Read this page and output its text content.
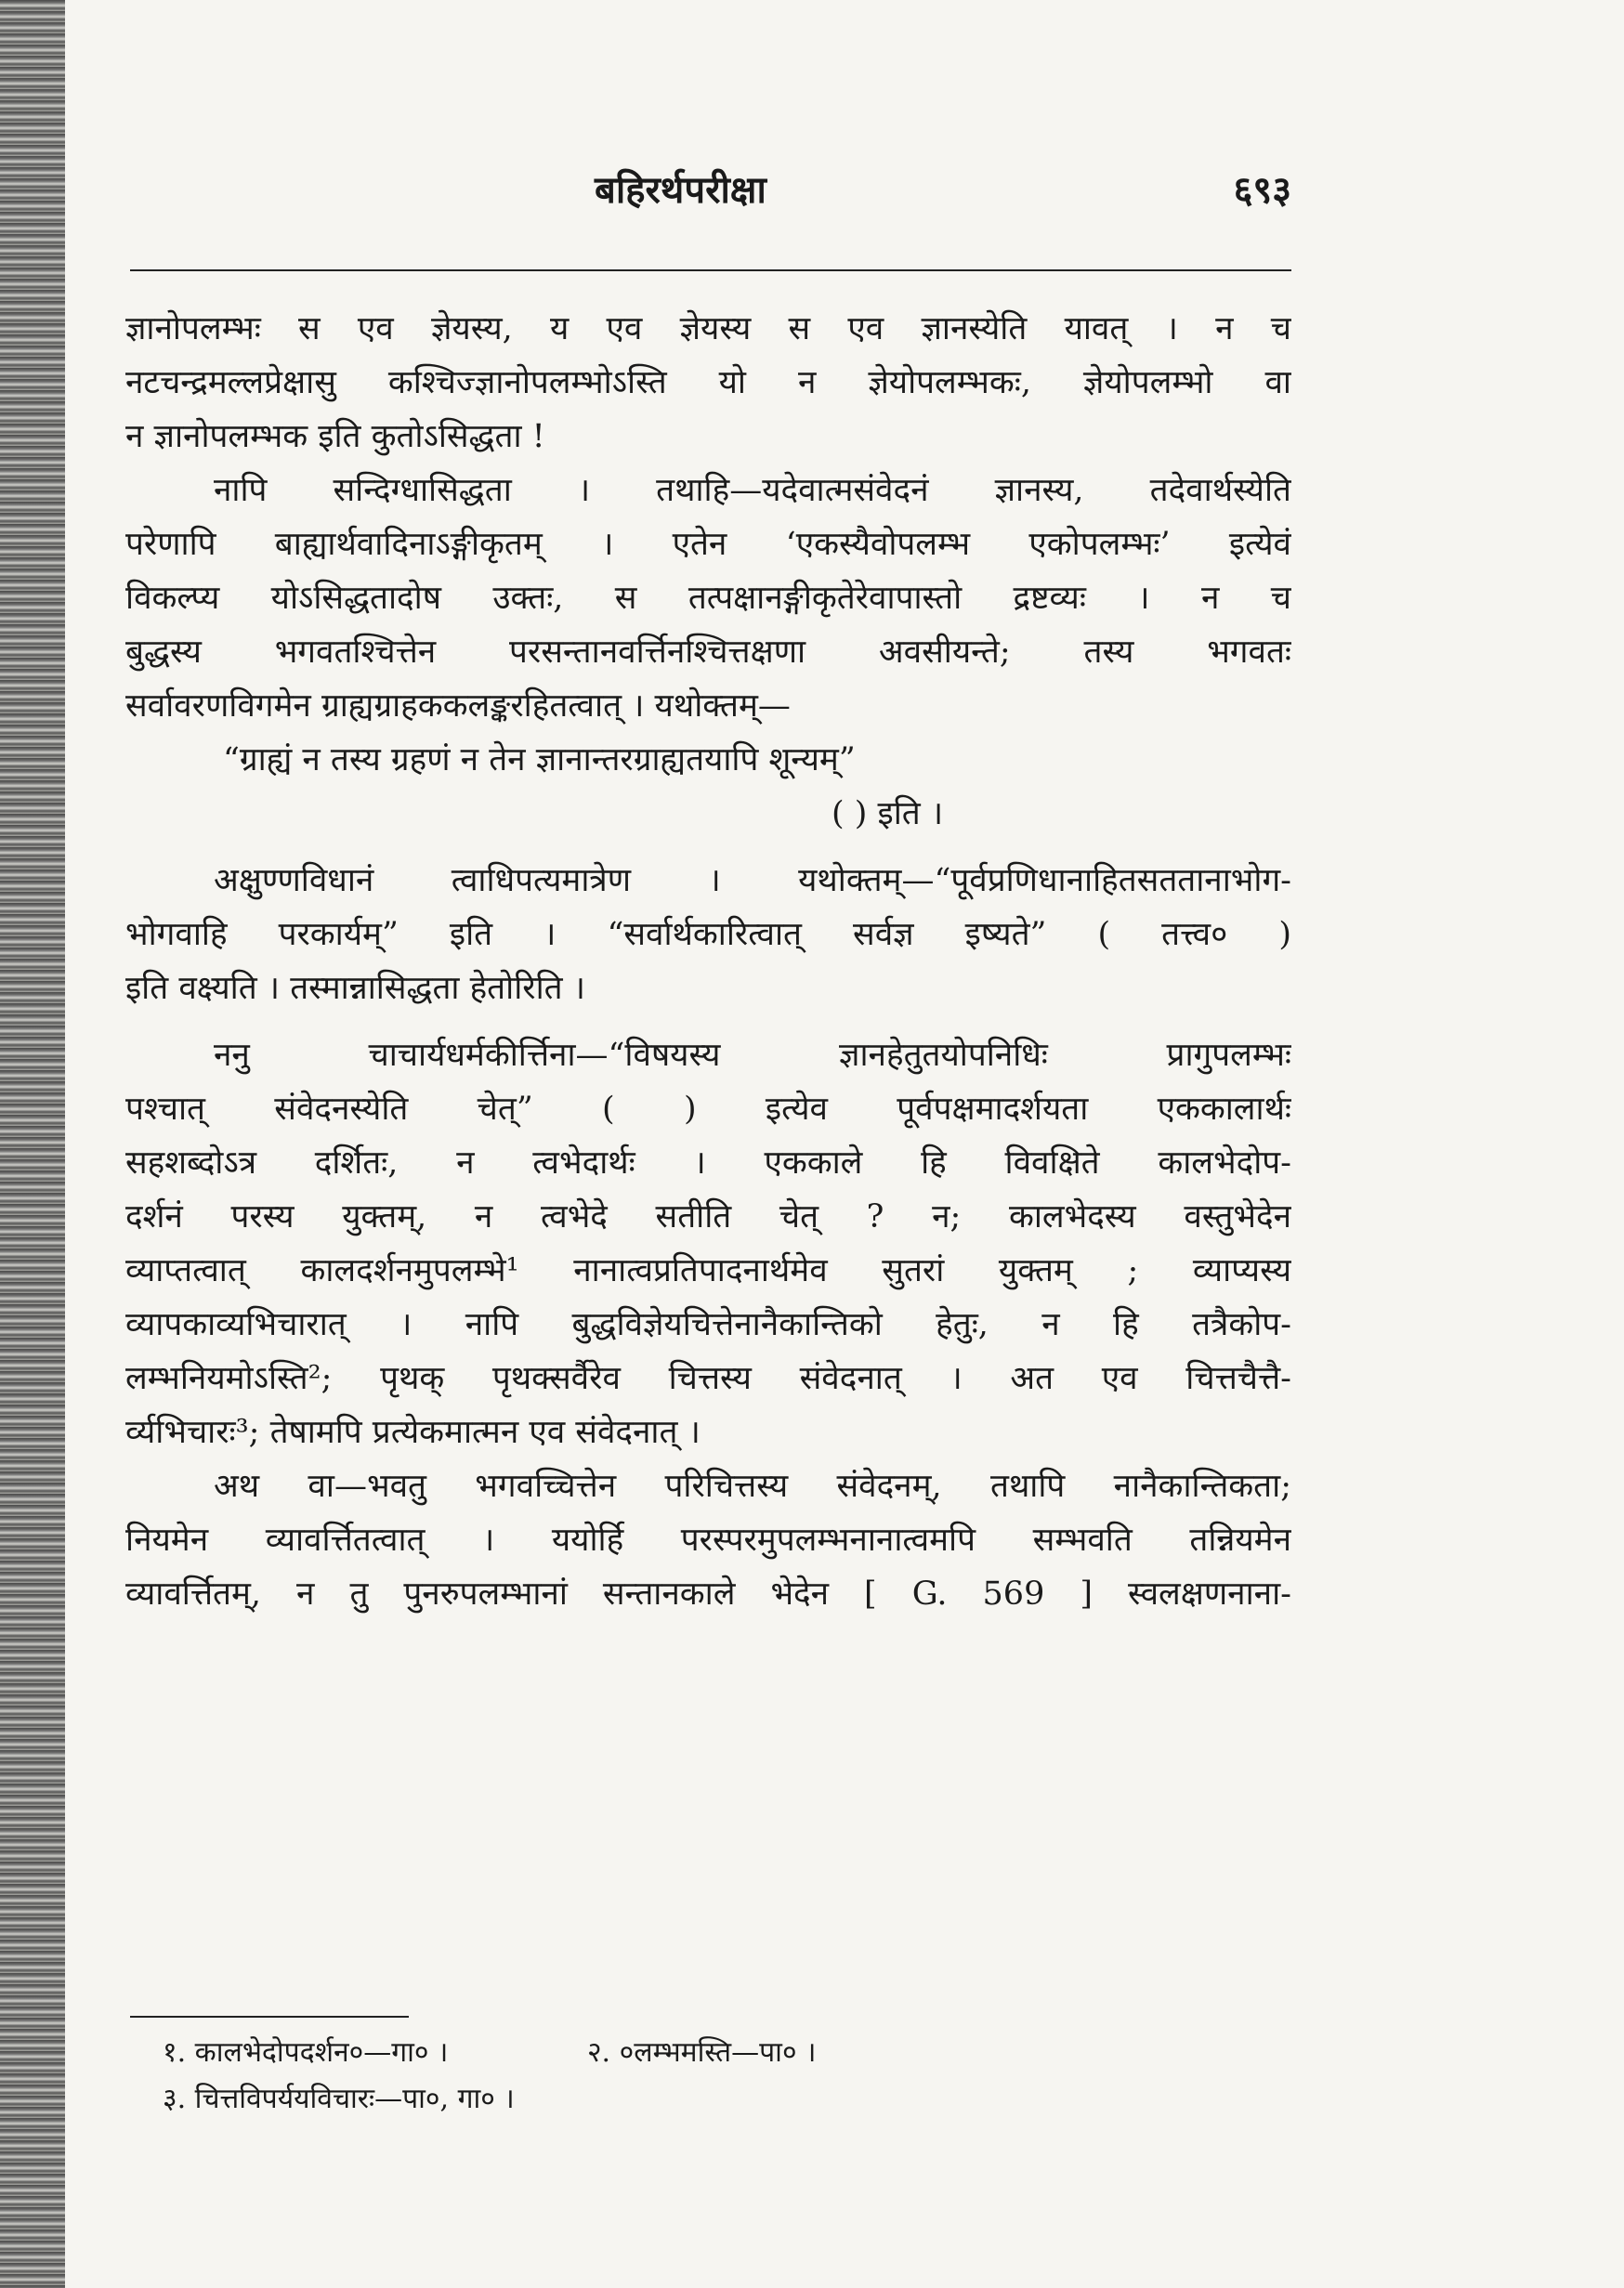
बहिरर्थपरीक्षा	६९३
ज्ञानोपलम्भः स एव ज्ञेयस्य, य एव ज्ञेयस्य स एव ज्ञानस्येति यावत् । न च
नटचन्द्रमल्लप्रेक्षासु कश्चिज्ज्ञानोपलम्भोऽस्ति यो न ज्ञेयोपलम्भकः, ज्ञेयोपलम्भो वा
न ज्ञानोपलम्भक इति कुतोऽसिद्धता !
नापि सन्दिग्धासिद्धता । तथाहि—यदेवात्मसंवेदनं ज्ञानस्य, तदेवार्थस्येति
परेणापि बाह्यार्थवादिनाऽङ्गीकृतम् । एतेन ‘एकस्यैवोपलम्भ एकोपलम्भः’ इत्येवं
विकल्प्य योऽसिद्धतादोष उक्तः, स तत्पक्षानङ्गीकृतेरेवापास्तो द्रष्टव्यः । न च
बुद्धस्य भगवतश्चित्तेन परसन्तानवर्त्तिनश्चित्तक्षणा अवसीयन्ते; तस्य भगवतः
सर्वावरणविगमेन ग्राह्यग्राहककलङ्करहितत्वात् । यथोक्तम्—
“ग्राह्यं न तस्य ग्रहणं न तेन ज्ञानान्तरग्राह्यतयापि शून्यम्”
( ) इति ।
अक्षुण्णविधानं त्वाधिपत्यमात्रेण । यथोक्तम्—“पूर्वप्रणिधानाहितसततानाभोग-
भोगवाहि परकार्यम्” इति । “सर्वार्थकारित्वात् सर्वज्ञ इष्यते” ( तत्त्व० )
इति वक्ष्यति । तस्मान्नासिद्धता हेतोरिति ।
ननु चाचार्यधर्मकीर्त्तिना—“विषयस्य ज्ञानहेतुतयोपनिधिः प्रागुपलम्भः
पश्चात् संवेदनस्येति चेत्” ( ) इत्येव पूर्वपक्षमादर्शयता एककालार्थः
सहशब्दोऽत्र दर्शितः, न त्वभेदार्थः । एककाले हि विवक्षिते कालभेदोप-
दर्शनं परस्य युक्तम्, न त्वभेदे सतीति चेत् ? न; कालभेदस्य वस्तुभेदेन
व्याप्तत्वात् कालदर्शनमुपलम्भे¹ नानात्वप्रतिपादनार्थमेव सुतरां युक्तम् ; व्याप्यस्य
व्यापकाव्यभिचारात् । नापि बुद्धविज्ञेयचित्तेनानैकान्तिको हेतुः, न हि तत्रैकोप-
लम्भनियमोऽस्ति²; पृथक् पृथक्सर्वैरेव चित्तस्य संवेदनात् । अत एव चित्तचैत्तै-
र्व्यभिचारः³; तेषामपि प्रत्येकमात्मन एव संवेदनात् ।
अथ वा—भवतु भगवच्चित्तेन परिचित्तस्य संवेदनम्, तथापि नानैकान्तिकता;
नियमेन व्यावर्त्तितत्वात् । ययोर्हि परस्परमुपलम्भनानात्वमपि सम्भवति तन्नियमेन
व्यावर्त्तितम्, न तु पुनरुपलम्भानां सन्तानकाले भेदेन [ G. 569 ] स्वलक्षणनाना-
१. कालभेदोपदर्शन०—गा० ।	२. ०लम्भमस्ति—पा० ।
३. चित्तविपर्ययविचारः—पा०, गा० ।
